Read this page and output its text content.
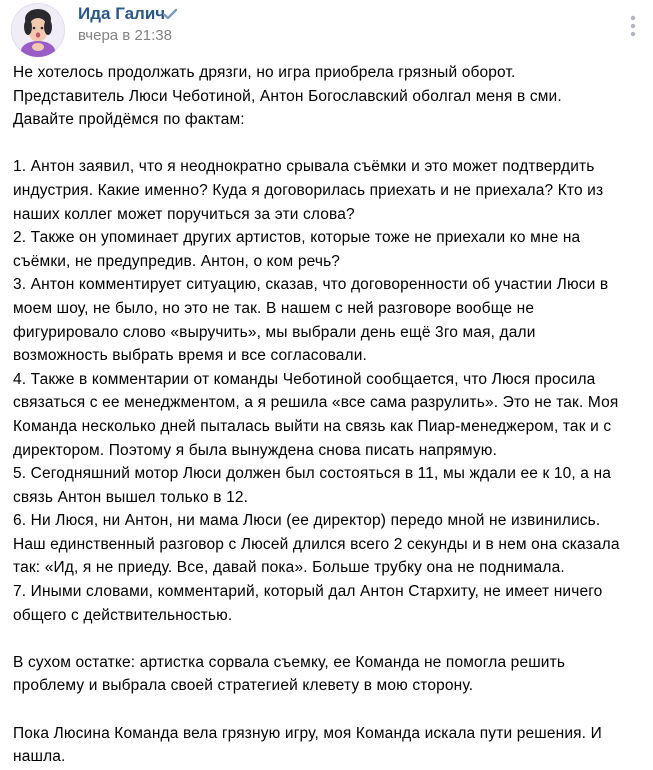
Ида Галич
вчера в 21:38
Не хотелось продолжать дрязги, но игра приобрела грязный оборот.
Представитель Люси Чеботиной, Антон Богославский оболгал меня в сми.
Давайте пройдёмся по фактам:
1. Антон заявил, что я неоднократно срывала съёмки и это может подтвердить
индустрия. Какие именно? Куда я договорилась приехать и не приехала? Кто из
наших коллег может поручиться за эти слова?
2. Также он упоминает других артистов, которые тоже не приехали ко мне на
съёмки, не предупредив. Антон, о ком речь?
3. Антон комментирует ситуацию, сказав, что договоренности об участии Люси в
моем шоу, не было, но это не так. В нашем с ней разговоре вообще не
фигурировало слово «выручить», мы выбрали день ещё 3го мая, дали
возможность выбрать время и все согласовали.
4. Также в комментарии от команды Чеботиной сообщается, что Люся просила
связаться с ее менеджментом, а я решила «все сама разрулить». Это не так. Моя
Команда несколько дней пыталась выйти на связь как Пиар-менеджером, так и с
директором. Поэтому я была вынуждена снова писать напрямую.
5. Сегодняшний мотор Люси должен был состояться в 11, мы ждали ее к 10, а на
связь Антон вышел только в 12.
6. Ни Люся, ни Антон, ни мама Люси (ее директор) передо мной не извинились.
Наш единственный разговор с Люсей длился всего 2 секунды и в нем она сказала
так: «Ид, я не приеду. Все, давай пока». Больше трубку она не поднимала.
7. Иными словами, комментарий, который дал Антон Стархиту, не имеет ничего
общего с действительностью.
В сухом остатке: артистка сорвала съемку, ее Команда не помогла решить
проблему и выбрала своей стратегией клевету в мою сторону.
Пока Люсина Команда вела грязную игру, моя Команда искала пути решения. И
нашла.
